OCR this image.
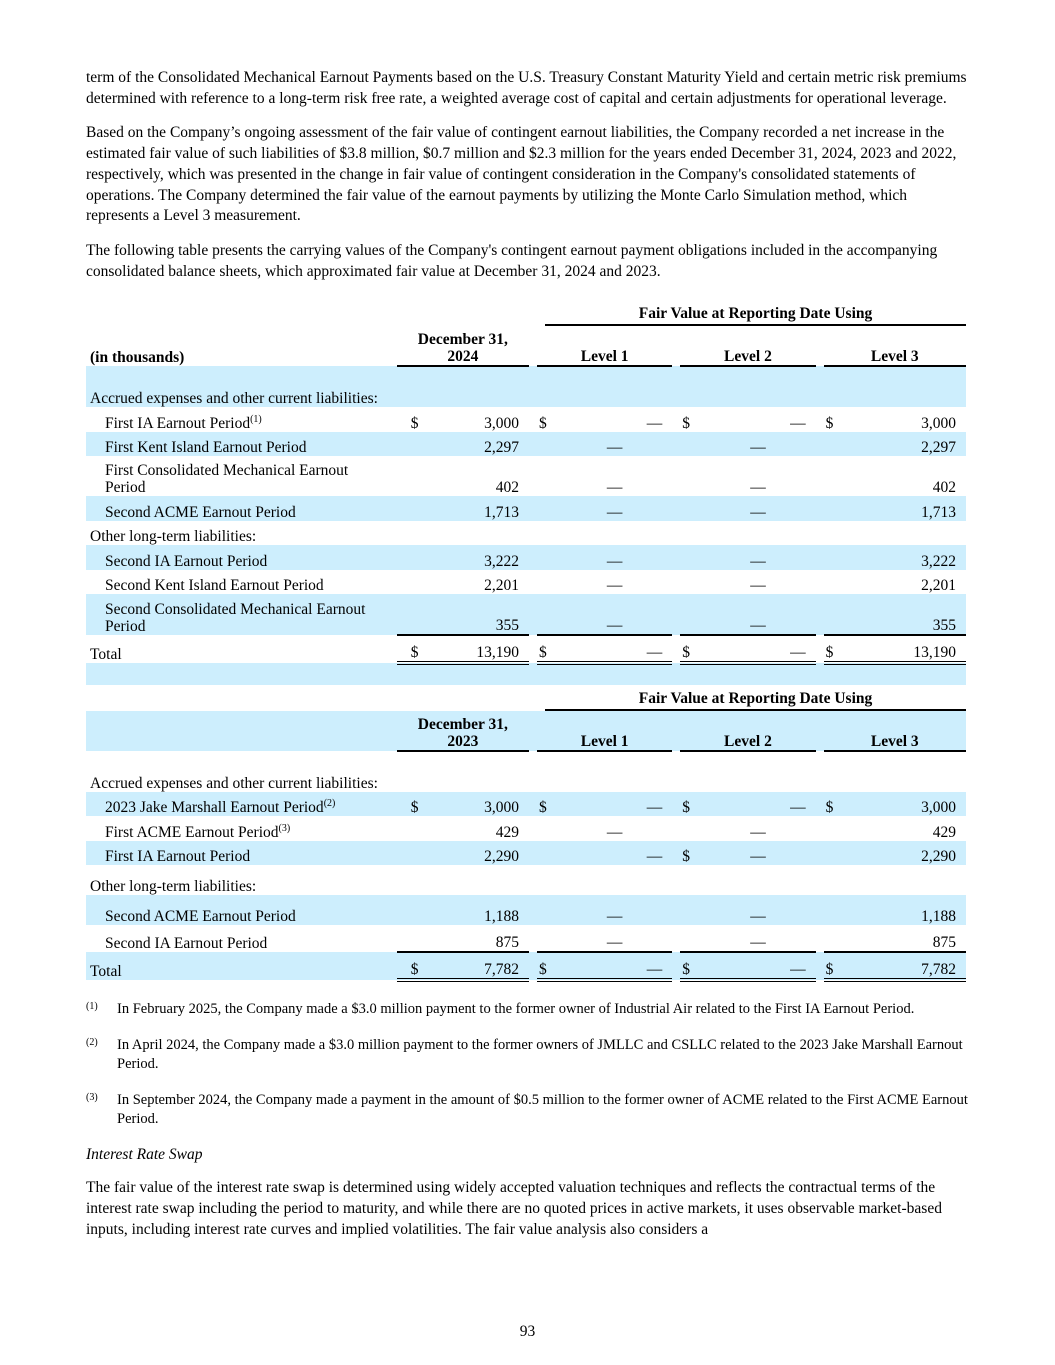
term of the Consolidated Mechanical Earnout Payments based on the U.S. Treasury Constant Maturity Yield and certain metric risk premiums determined with reference to a long-term risk free rate, a weighted average cost of capital and certain adjustments for operational leverage.

Based on the Company’s ongoing assessment of the fair value of contingent earnout liabilities, the Company recorded a net increase in the estimated fair value of such liabilities of $3.8 million, $0.7 million and $2.3 million for the years ended December 31, 2024, 2023 and 2022, respectively, which was presented in the change in fair value of contingent consideration in the Company's consolidated statements of operations. The Company determined the fair value of the earnout payments by utilizing the Monte Carlo Simulation method, which represents a Level 3 measurement.

The following table presents the carrying values of the Company's contingent earnout payment obligations included in the accompanying consolidated balance sheets, which approximated fair value at December 31, 2024 and 2023.

					Fair Value at Reporting Date Using							

(in thousands)		December 31, 2024			Level 1			Level 2			Level 3	
Accrued expenses and other current liabilities:												
First IA Earnout Period$^{(1)}$		$	3,000		$	—		$	—		$	3,000
First Kent Island Earnout Period			2,297			—			—			2,297
First Consolidated Mechanical Earnout Period			402			—			—			402
Second ACME Earnout Period			1,713			—			—			1,713
Other long-term liabilities:												
Second IA Earnout Period			3,222			—			—			3,222
Second Kent Island Earnout Period			2,201			—			—			2,201
Second Consolidated Mechanical Earnout Period			355			—			—			355
Total		$	13,190		$	—		$	—		$	13,190

					Fair Value at Reporting Date Using							

		December 31, 2023			Level 1			Level 2			Level 3	
Accrued expenses and other current liabilities:												
2023 Jake Marshall Earnout Period$^{(2)}$		$	3,000		$	—		$	—		$	3,000
First ACME Earnout Period$^{(3)}$			429			—			—			429
First IA Earnout Period			2,290			—		$	—			2,290
Other long-term liabilities:												
Second ACME Earnout Period			1,188			—			—			1,188
Second IA Earnout Period			875			—			—			875
Total		$	7,782		$	—		$	—		$	7,782
(1)	In February 2025, the Company made a $3.0 million payment to the former owner of Industrial Air related to the First IA Earnout Period.
(2)	In April 2024, the Company made a $3.0 million payment to the former owners of JMLLC and CSLLC related to the 2023 Jake Marshall Earnout Period.
(3)	In September 2024, the Company made a payment in the amount of $0.5 million to the former owner of ACME related to the First ACME Earnout Period.
Interest Rate Swap

The fair value of the interest rate swap is determined using widely accepted valuation techniques and reflects the contractual terms of the interest rate swap including the period to maturity, and while there are no quoted prices in active markets, it uses observable market-based inputs, including interest rate curves and implied volatilities. The fair value analysis also considers a

93
